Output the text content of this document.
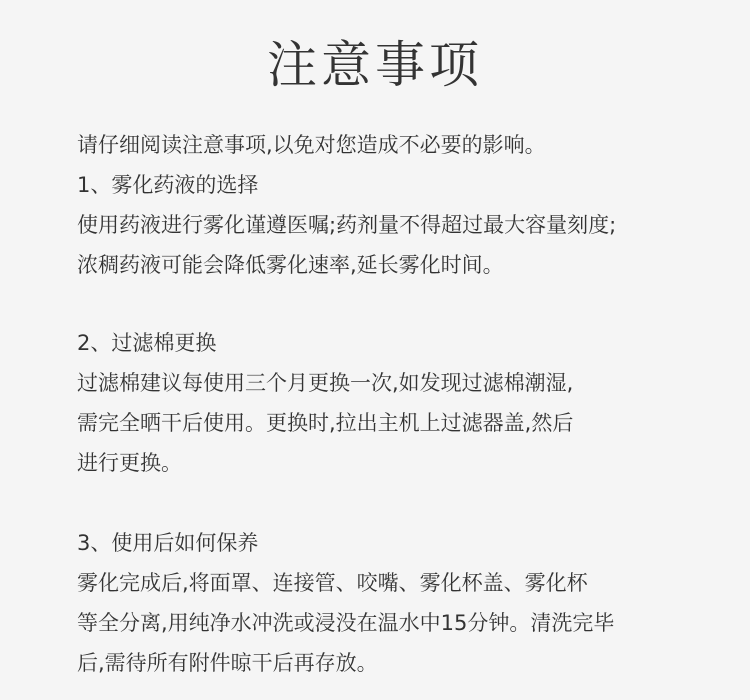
注意事项

请仔细阅读注意事项,以免对您造成不必要的影响。

1、雾化药液的选择

使用药液进行雾化谨遵医嘱;药剂量不得超过最大容量刻度;

浓稠药液可能会降低雾化速率,延长雾化时间。

2、过滤棉更换

过滤棉建议每使用三个月更换一次,如发现过滤棉潮湿,

需完全晒干后使用。更换时,拉出主机上过滤器盖,然后

进行更换。

3、使用后如何保养

雾化完成后,将面罩、连接管、咬嘴、雾化杯盖、雾化杯

等全分离,用纯净水冲洗或浸没在温水中15分钟。清洗完毕

后,需待所有附件晾干后再存放。
